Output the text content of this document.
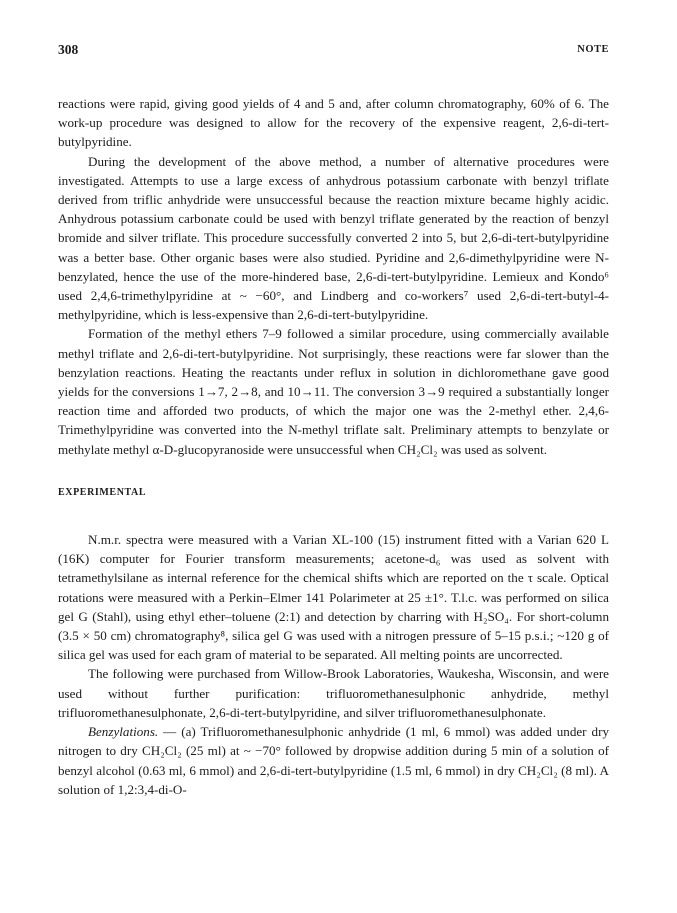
308	NOTE

reactions were rapid, giving good yields of 4 and 5 and, after column chromatography, 60% of 6. The work-up procedure was designed to allow for the recovery of the expensive reagent, 2,6-di-tert-butylpyridine.

During the development of the above method, a number of alternative procedures were investigated. Attempts to use a large excess of anhydrous potassium carbonate with benzyl triflate derived from triflic anhydride were unsuccessful because the reaction mixture became highly acidic. Anhydrous potassium carbonate could be used with benzyl triflate generated by the reaction of benzyl bromide and silver triflate. This procedure successfully converted 2 into 5, but 2,6-di-tert-butylpyridine was a better base. Other organic bases were also studied. Pyridine and 2,6-dimethylpyridine were N-benzylated, hence the use of the more-hindered base, 2,6-di-tert-butylpyridine. Lemieux and Kondo⁶ used 2,4,6-trimethylpyridine at ~ −60°, and Lindberg and co-workers⁷ used 2,6-di-tert-butyl-4-methylpyridine, which is less-expensive than 2,6-di-tert-butylpyridine.

Formation of the methyl ethers 7–9 followed a similar procedure, using commercially available methyl triflate and 2,6-di-tert-butylpyridine. Not surprisingly, these reactions were far slower than the benzylation reactions. Heating the reactants under reflux in solution in dichloromethane gave good yields for the conversions 1→7, 2→8, and 10→11. The conversion 3→9 required a substantially longer reaction time and afforded two products, of which the major one was the 2-methyl ether. 2,4,6-Trimethylpyridine was converted into the N-methyl triflate salt. Preliminary attempts to benzylate or methylate methyl α-D-glucopyranoside were unsuccessful when CH₂Cl₂ was used as solvent.

EXPERIMENTAL

N.m.r. spectra were measured with a Varian XL-100 (15) instrument fitted with a Varian 620 L (16K) computer for Fourier transform measurements; acetone-d₆ was used as solvent with tetramethylsilane as internal reference for the chemical shifts which are reported on the τ scale. Optical rotations were measured with a Perkin–Elmer 141 Polarimeter at 25 ±1°. T.l.c. was performed on silica gel G (Stahl), using ethyl ether–toluene (2:1) and detection by charring with H₂SO₄. For short-column (3.5 × 50 cm) chromatography⁸, silica gel G was used with a nitrogen pressure of 5–15 p.s.i.; ~120 g of silica gel was used for each gram of material to be separated. All melting points are uncorrected.

The following were purchased from Willow-Brook Laboratories, Waukesha, Wisconsin, and were used without further purification: trifluoromethanesulphonic anhydride, methyl trifluoromethanesulphonate, 2,6-di-tert-butylpyridine, and silver trifluoromethanesulphonate.

Benzylations. — (a) Trifluoromethanesulphonic anhydride (1 ml, 6 mmol) was added under dry nitrogen to dry CH₂Cl₂ (25 ml) at ~ −70° followed by dropwise addition during 5 min of a solution of benzyl alcohol (0.63 ml, 6 mmol) and 2,6-di-tert-butylpyridine (1.5 ml, 6 mmol) in dry CH₂Cl₂ (8 ml). A solution of 1,2:3,4-di-O-
